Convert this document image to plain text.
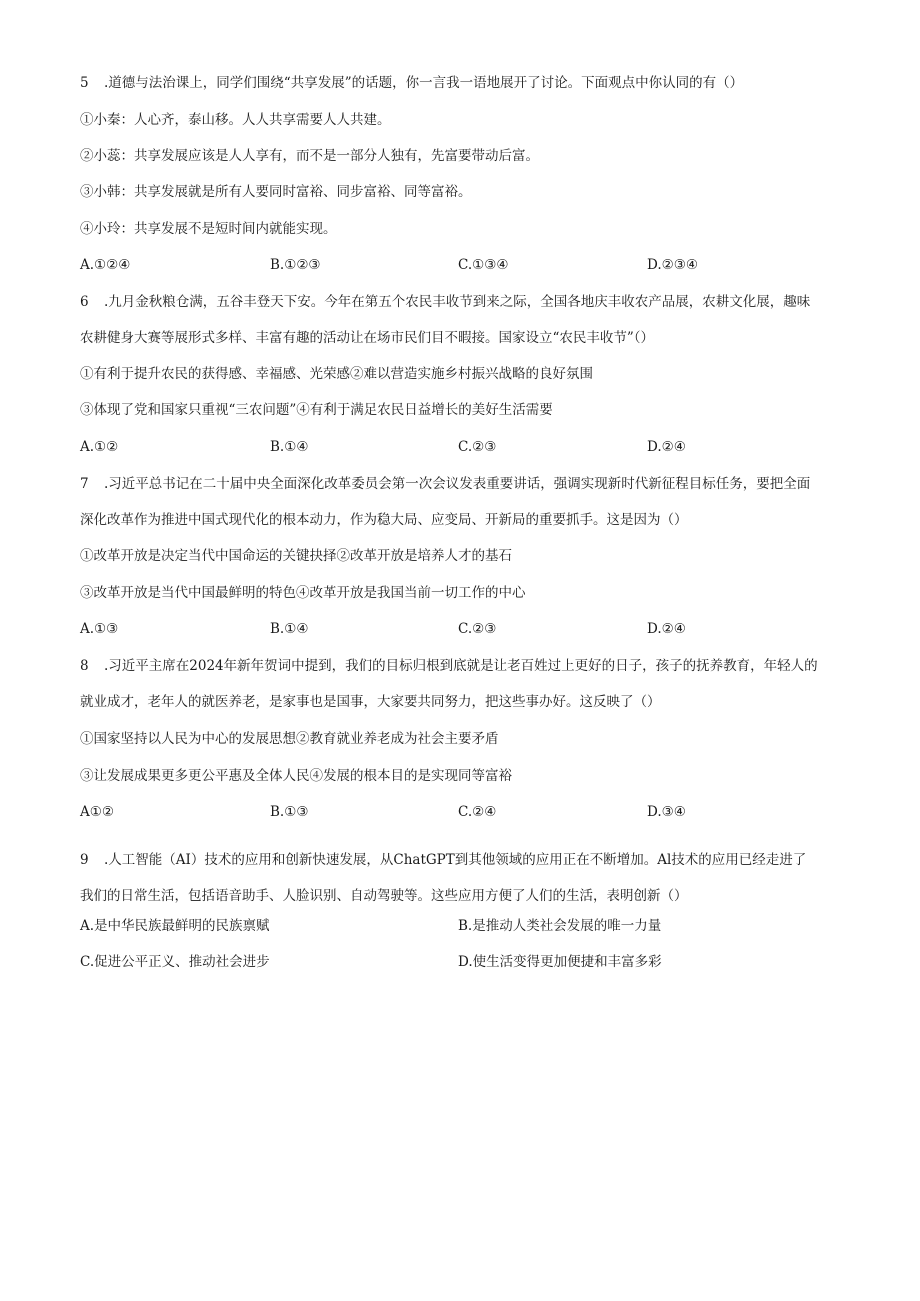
5 .道德与法治课上，同学们围绕“共享发展”的话题，你一言我一语地展开了讨论。下面观点中你认同的有（）
①小秦：人心齐，泰山移。人人共享需要人人共建。
②小蕊：共享发展应该是人人享有，而不是一部分人独有，先富要带动后富。
③小韩：共享发展就是所有人要同时富裕、同步富裕、同等富裕。
④小玲：共享发展不是短时间内就能实现。
A.①②④	B.①②③	C.①③④	D.②③④
6 .九月金秋粮仓满，五谷丰登天下安。今年在第五个农民丰收节到来之际，全国各地庆丰收农产品展，农耕文化展，趣味
农耕健身大赛等展形式多样、丰富有趣的活动让在场市民们目不暇接。国家设立“农民丰收节”（）
①有利于提升农民的获得感、幸福感、光荣感②难以营造实施乡村振兴战略的良好氛围
③体现了党和国家只重视“三农问题”④有利于满足农民日益增长的美好生活需要
A.①②	B.①④	C.②③	D.②④
7 .习近平总书记在二十届中央全面深化改革委员会第一次会议发表重要讲话，强调实现新时代新征程目标任务，要把全面
深化改革作为推进中国式现代化的根本动力，作为稳大局、应变局、开新局的重要抓手。这是因为（）
①改革开放是决定当代中国命运的关键抉择②改革开放是培养人才的基石
③改革开放是当代中国最鲜明的特色④改革开放是我国当前一切工作的中心
A.①③	B.①④	C.②③	D.②④
8 .习近平主席在2024年新年贺词中提到，我们的目标归根到底就是让老百姓过上更好的日子，孩子的抚养教育，年轻人的
就业成才，老年人的就医养老，是家事也是国事，大家要共同努力，把这些事办好。这反映了（）
①国家坚持以人民为中心的发展思想②教育就业养老成为社会主要矛盾
③让发展成果更多更公平惠及全体人民④发展的根本目的是实现同等富裕
A①②	B.①③	C.②④	D.③④
9 .人工智能（AI）技术的应用和创新快速发展，从ChatGPT到其他领域的应用正在不断增加。Al技术的应用已经走进了
我们的日常生活，包括语音助手、人脸识别、自动驾驶等。这些应用方便了人们的生活，表明创新（）
A.是中华民族最鲜明的民族禀赋	B.是推动人类社会发展的唯一力量
C.促进公平正义、推动社会进步	D.使生活变得更加便捷和丰富多彩
